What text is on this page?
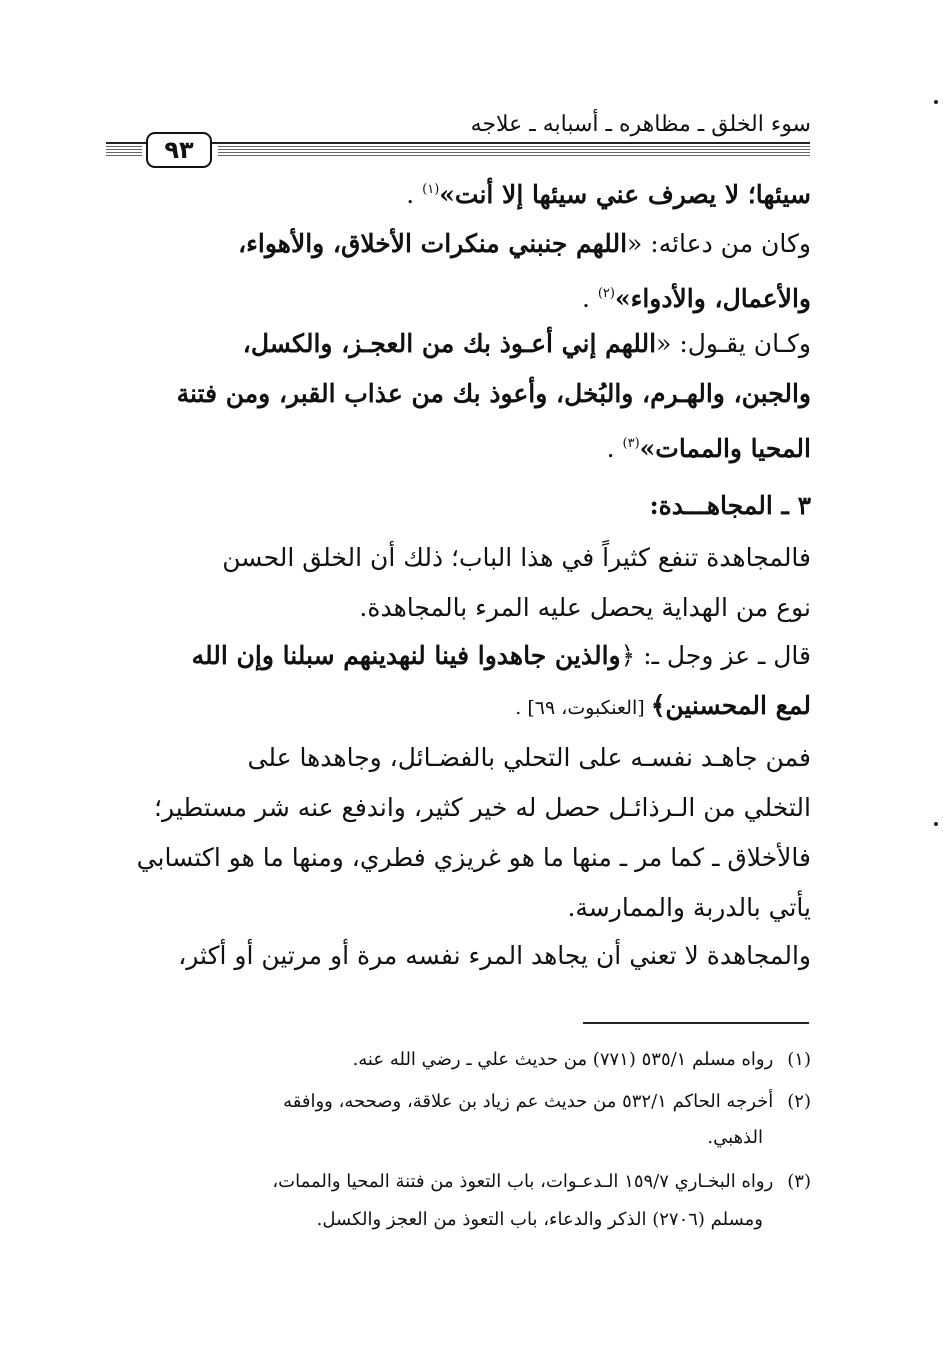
سوء الخلق ـ مظاهره ـ أسبابه ـ علاجه
٩٣
سيئها؛ لا يصرف عني سيئها إلا أنت»$^{(١)}$ .
وكان من دعائه: «اللهم جنبني منكرات الأخلاق، والأهواء،
والأعمال، والأدواء»$^{(٢)}$ .
وكـان يقـول: «اللهم إني أعـوذ بك من العجـز، والكسل،
والجبن، والهـرم، والبُخل، وأعوذ بك من عذاب القبر، ومن فتنة
المحيا والممات»$^{(٣)}$ .
٣ ـ المجاهـــدة:
فالمجاهدة تنفع كثيراً في هذا الباب؛ ذلك أن الخلق الحسن
نوع من الهداية يحصل عليه المرء بالمجاهدة.
قال ـ عز وجل ـ: ﴿والذين جاهدوا فينا لنهدينهم سبلنا وإن الله
لمع المحسنين﴾ [العنكبوت، ٦٩] .
فمن جاهـد نفسـه على التحلي بالفضـائل، وجاهدها على
التخلي من الـرذائـل حصل له خير كثير، واندفع عنه شر مستطير؛
فالأخلاق ـ كما مر ـ منها ما هو غريزي فطري، ومنها ما هو اكتسابي
يأتي بالدربة والممارسة.
والمجاهدة لا تعني أن يجاهد المرء نفسه مرة أو مرتين أو أكثر،
(١)رواه مسلم ٥٣٥/١ (٧٧١) من حديث علي ـ رضي الله عنه.
(٢)أخرجه الحاكم ٥٣٢/١ من حديث عم زياد بن علاقة، وصححه، ووافقه
الذهبي.
(٣)رواه البخـاري ١٥٩/٧ الـدعـوات، باب التعوذ من فتنة المحيا والممات،
ومسلم (٢٧٠٦) الذكر والدعاء، باب التعوذ من العجز والكسل.
